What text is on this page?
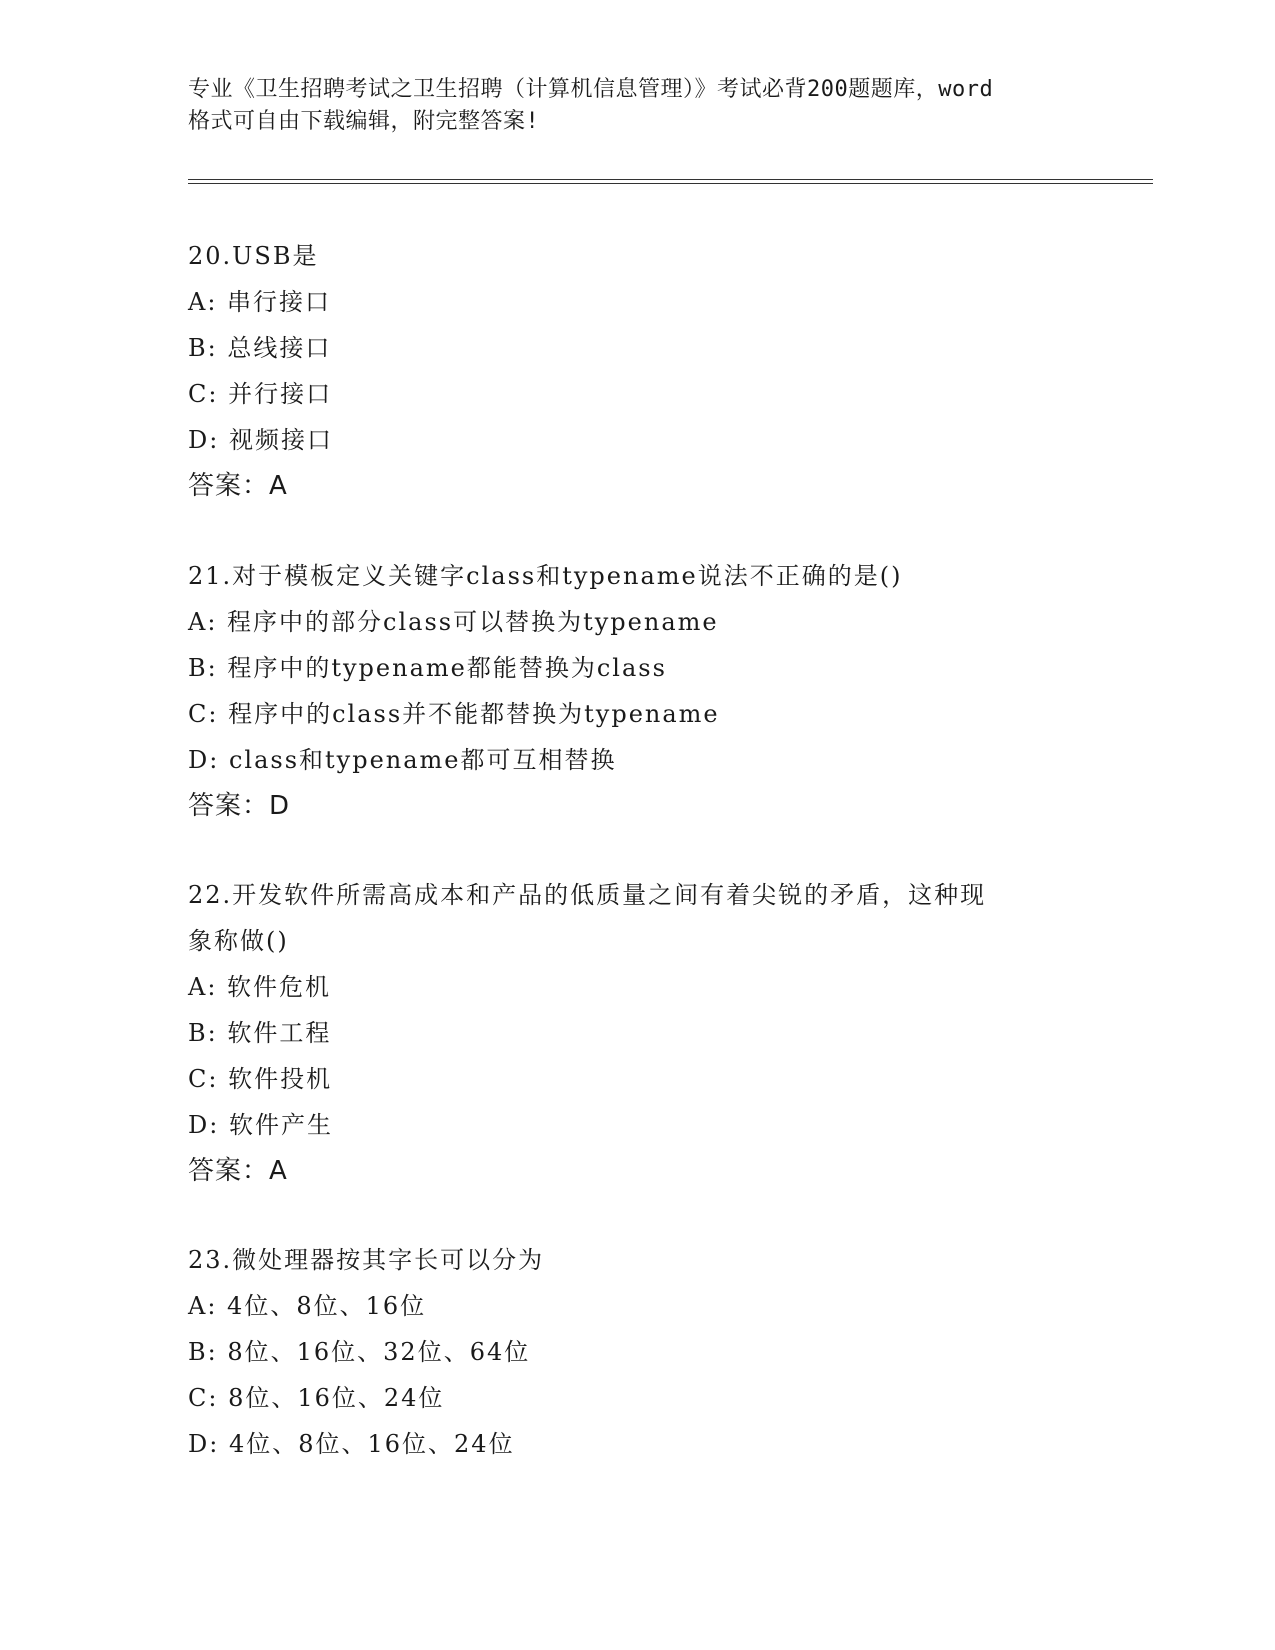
专业《卫生招聘考试之卫生招聘（计算机信息管理）》考试必背200题题库，word
格式可自由下载编辑，附完整答案!
20.USB是
A: 串行接口
B: 总线接口
C: 并行接口
D: 视频接口
答案：A
21.对于模板定义关键字class和typename说法不正确的是()
A: 程序中的部分class可以替换为typename
B: 程序中的typename都能替换为class
C: 程序中的class并不能都替换为typename
D: class和typename都可互相替换
答案：D
22.开发软件所需高成本和产品的低质量之间有着尖锐的矛盾，这种现
象称做()
A: 软件危机
B: 软件工程
C: 软件投机
D: 软件产生
答案：A
23.微处理器按其字长可以分为
A: 4位、8位、16位
B: 8位、16位、32位、64位
C: 8位、16位、24位
D: 4位、8位、16位、24位
